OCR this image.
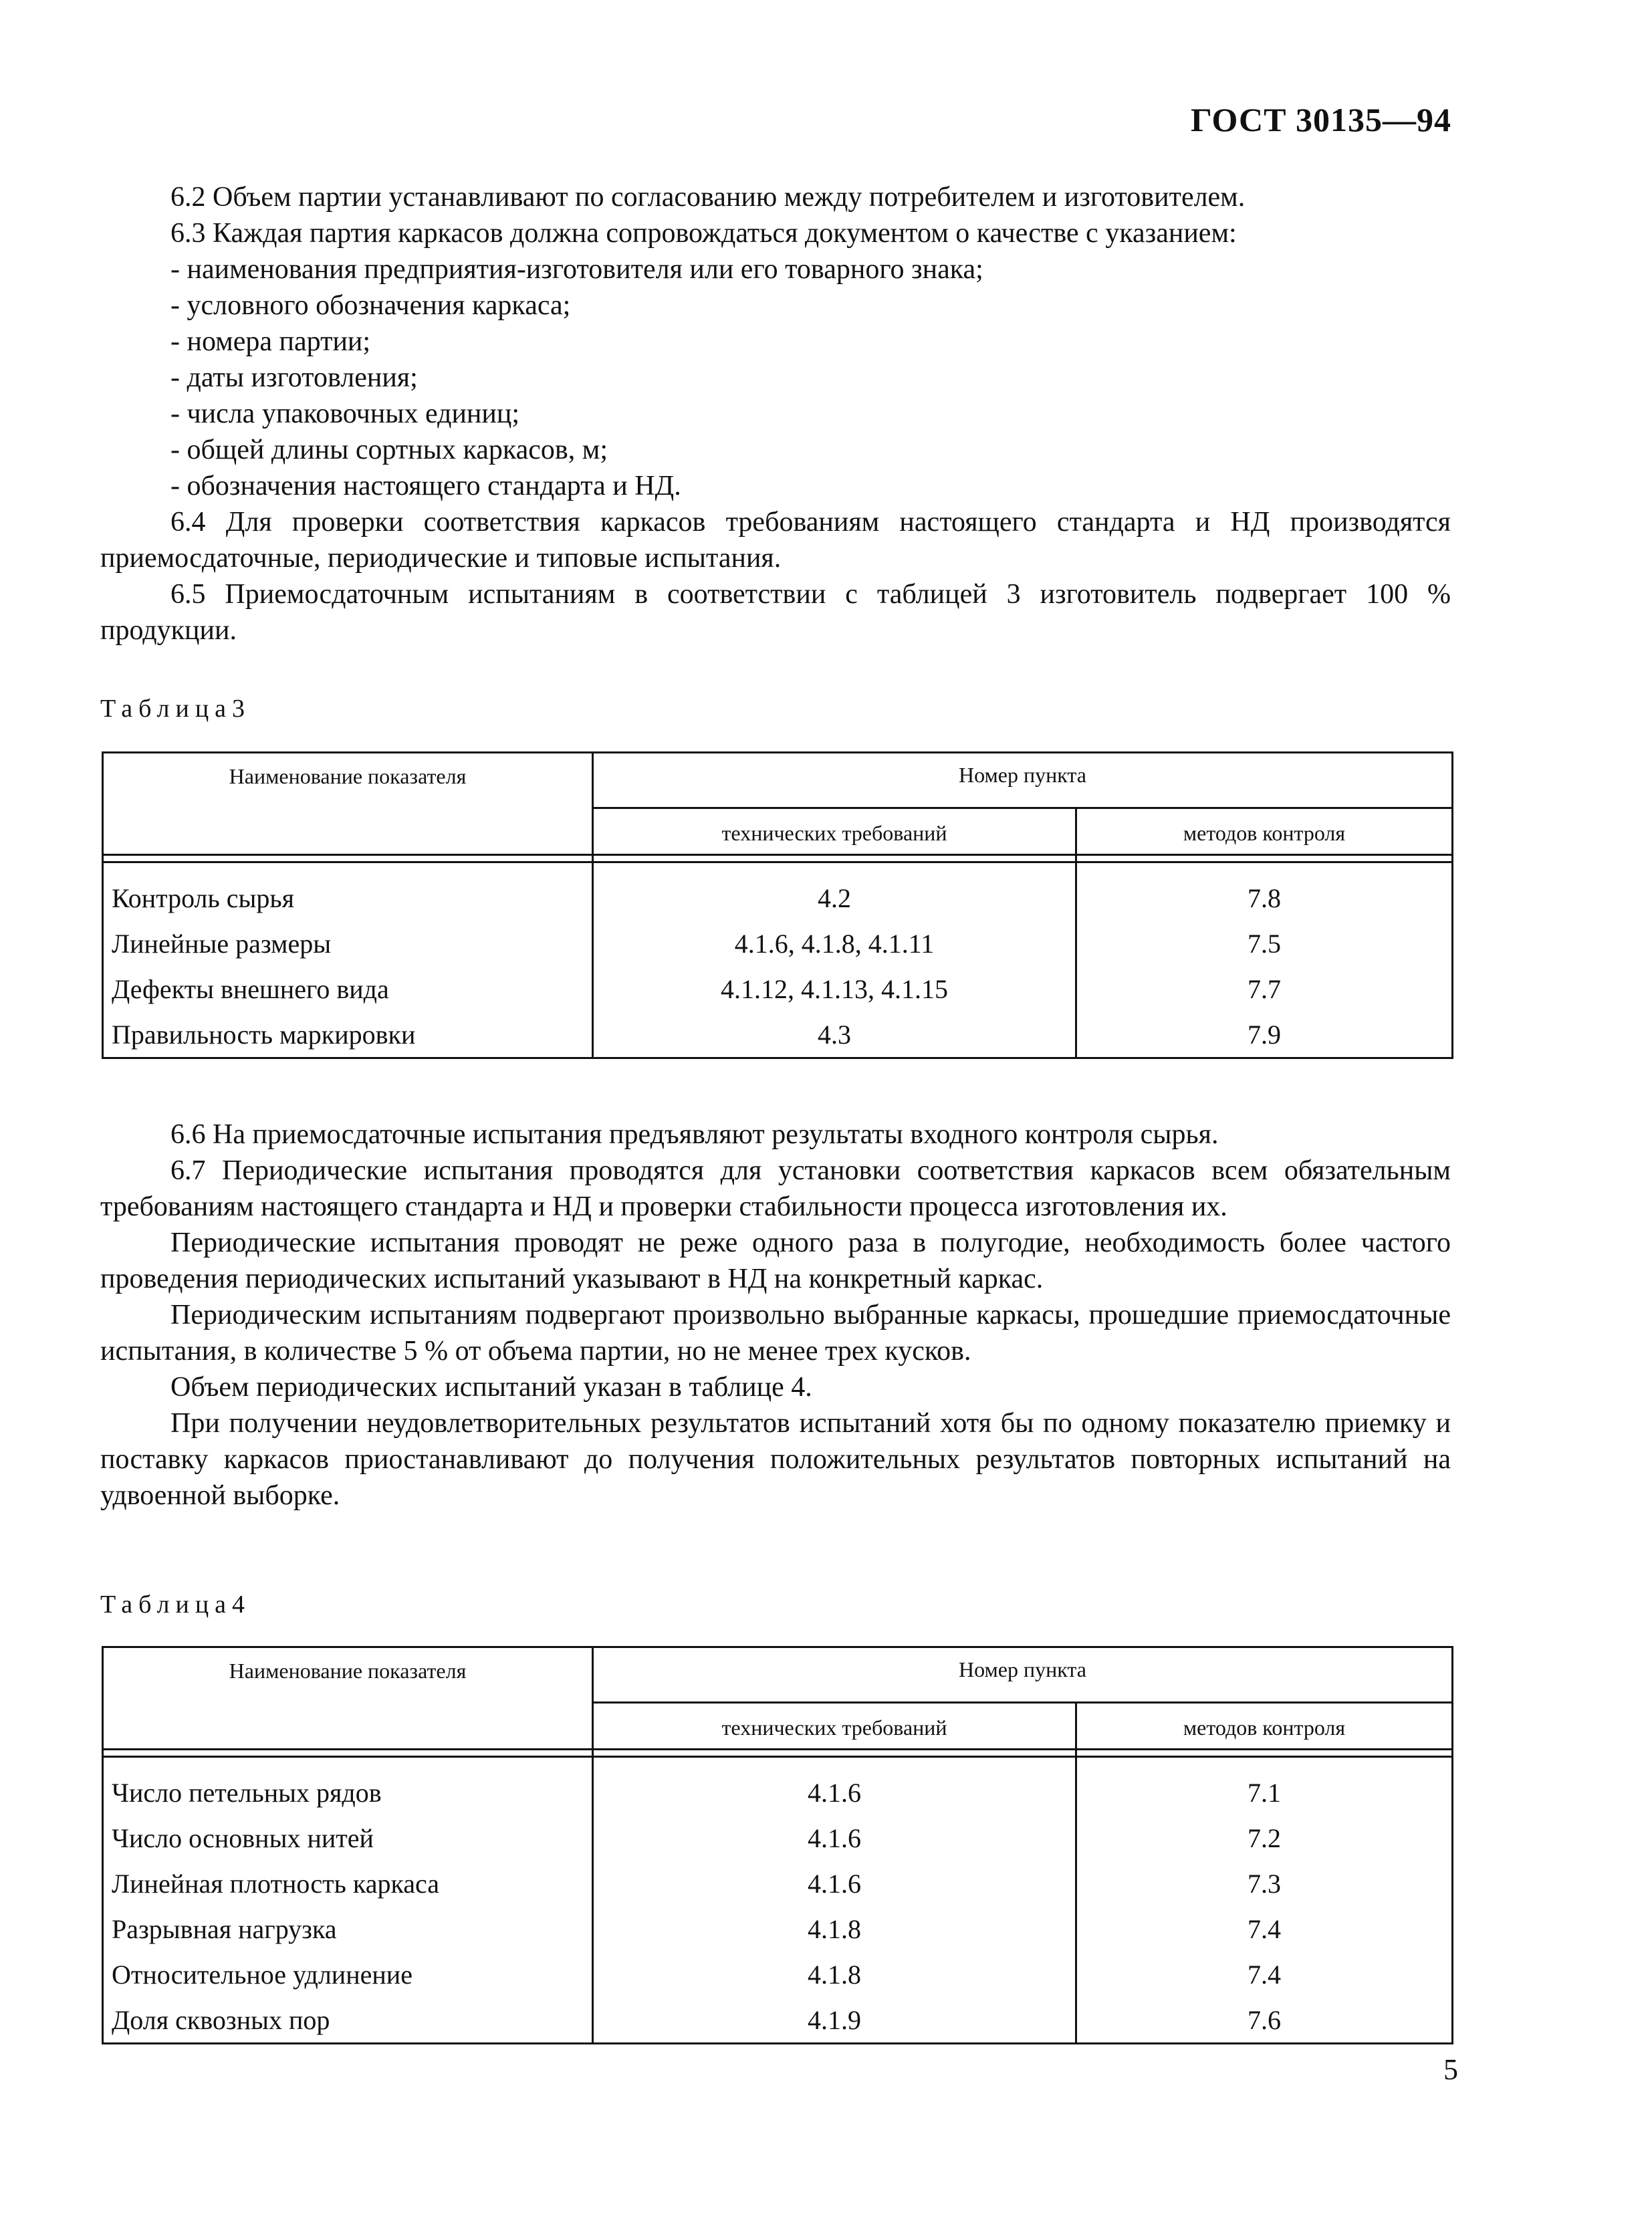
ГОСТ 30135—94

6.2 Объем партии устанавливают по согласованию между потребителем и изготовителем.

6.3 Каждая партия каркасов должна сопровождаться документом о качестве с указанием:

- наименования предприятия-изготовителя или его товарного знака;

- условного обозначения каркаса;

- номера партии;

- даты изготовления;

- числа упаковочных единиц;

- общей длины сортных каркасов, м;

- обозначения настоящего стандарта и НД.

6.4 Для проверки соответствия каркасов требованиям настоящего стандарта и НД производятся приемосдаточные, периодические и типовые испытания.

6.5 Приемосдаточным испытаниям в соответствии с таблицей 3 изготовитель подвергает 100 % продукции.

Таблица3
Наименование показателя	Номер пункта	
	технических требований	методов контроля

Контроль сырья	4.2	7.8
Линейные размеры	4.1.6, 4.1.8, 4.1.11	7.5
Дефекты внешнего вида	4.1.12, 4.1.13, 4.1.15	7.7
Правильность маркировки	4.3	7.9

6.6 На приемосдаточные испытания предъявляют результаты входного контроля сырья.

6.7 Периодические испытания проводятся для установки соответствия каркасов всем обязательным требованиям настоящего стандарта и НД и проверки стабильности процесса изготовления их.

Периодические испытания проводят не реже одного раза в полугодие, необходимость более частого проведения периодических испытаний указывают в НД на конкретный каркас.

Периодическим испытаниям подвергают произвольно выбранные каркасы, прошедшие приемосдаточные испытания, в количестве 5 % от объема партии, но не менее трех кусков.

Объем периодических испытаний указан в таблице 4.

При получении неудовлетворительных результатов испытаний хотя бы по одному показателю приемку и поставку каркасов приостанавливают до получения положительных результатов повторных испытаний на удвоенной выборке.

Таблица4
Наименование показателя	Номер пункта	
	технических требований	методов контроля

Число петельных рядов	4.1.6	7.1
Число основных нитей	4.1.6	7.2
Линейная плотность каркаса	4.1.6	7.3
Разрывная нагрузка	4.1.8	7.4
Относительное удлинение	4.1.8	7.4
Доля сквозных пор	4.1.9	7.6
5
